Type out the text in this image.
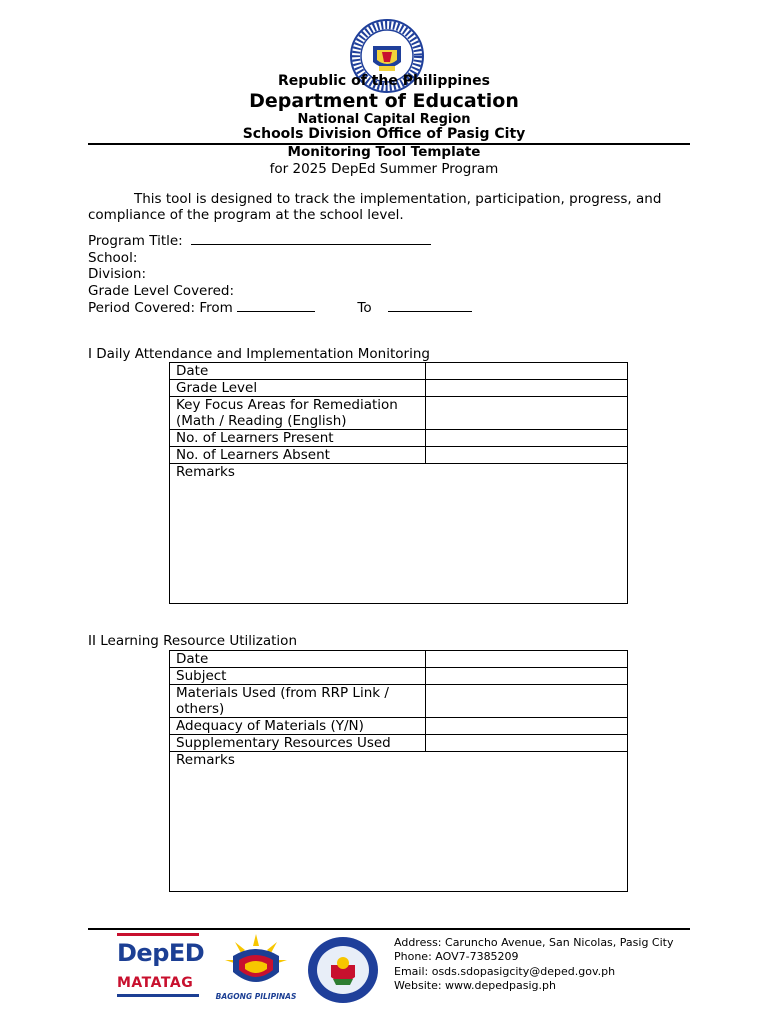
Republic of the Philippines
Department of Education
National Capital Region
Schools Division Office of Pasig City
Monitoring Tool Template
for 2025 DepEd Summer Program
This tool is designed to track the implementation, participation, progress, and compliance of the program at the school level.
Program Title:
School:
Division:
Grade Level Covered:
Period Covered: From	To
I Daily Attendance and Implementation Monitoring
Date	
Grade Level	
Key Focus Areas for Remediation (Math / Reading (English)	
No. of Learners Present	
No. of Learners Absent	
Remarks	
II Learning Resource Utilization
Date	
Subject	
Materials Used (from RRP Link / others)	
Adequacy of Materials (Y/N)	
Supplementary Resources Used	
Remarks	
DepED
MATATAG
BAGONG PILIPINAS
Address: Caruncho Avenue, San Nicolas, Pasig City
Phone: AOV7-7385209
Email: osds.sdopasigcity@deped.gov.ph
Website: www.depedpasig.ph
